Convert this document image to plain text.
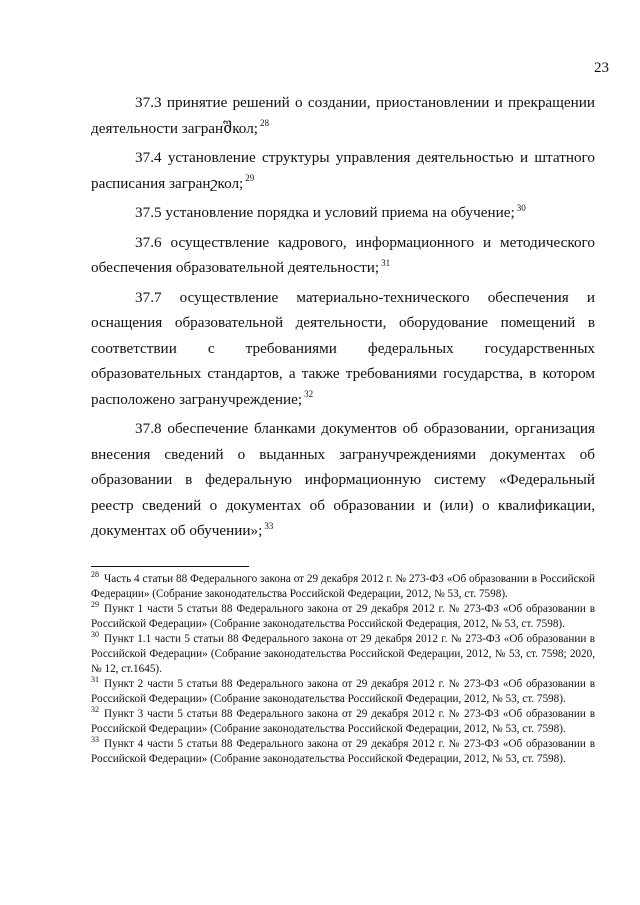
23

37.3 принятие решений о создании, приостановлении и прекращении деятельности загранშкол; $^{28}$

37.4 установление структуры управления деятельностью и штатного расписания загранշкол; $^{29}$

37.5 установление порядка и условий приема на обучение; $^{30}$

37.6 осуществление кадрового, информационного и методического обеспечения образовательной деятельности; $^{31}$

37.7 осуществление материально-технического обеспечения и оснащения образовательной деятельности, оборудование помещений в соответствии с требованиями федеральных государственных образовательных стандартов, а также требованиями государства, в котором расположено загранучреждение; $^{32}$

37.8 обеспечение бланками документов об образовании, организация внесения сведений о выданных загранучреждениями документах об образовании в федеральную информационную систему «Федеральный реестр сведений о документах об образовании и (или) о квалификации, документах об обучении»; $^{33}$

$^{28}$ Часть 4 статьи 88 Федерального закона от 29 декабря 2012 г. № 273-ФЗ «Об образовании в Российской Федерации» (Собрание законодательства Российской Федерации, 2012, № 53, ст. 7598).

$^{29}$ Пункт 1 части 5 статьи 88 Федерального закона от 29 декабря 2012 г. № 273-ФЗ «Об образовании в Российской Федерации» (Собрание законодательства Российской Федерация, 2012, № 53, ст. 7598).

$^{30}$ Пункт 1.1 части 5 статьи 88 Федерального закона от 29 декабря 2012 г. № 273-ФЗ «Об образовании в Российской Федерации» (Собрание законодательства Российской Федерации, 2012, № 53, ст. 7598; 2020, № 12, ст.1645).

$^{31}$ Пункт 2 части 5 статьи 88 Федерального закона от 29 декабря 2012 г. № 273-ФЗ «Об образовании в Российской Федерации» (Собрание законодательства Российской Федерации, 2012, № 53, ст. 7598).

$^{32}$ Пункт 3 части 5 статьи 88 Федерального закона от 29 декабря 2012 г. № 273-ФЗ «Об образовании в Российской Федерации» (Собрание законодательства Российской Федерации, 2012, № 53, ст. 7598).

$^{33}$ Пункт 4 части 5 статьи 88 Федерального закона от 29 декабря 2012 г. № 273-ФЗ «Об образовании в Российской Федерации» (Собрание законодательства Российской Федерации, 2012, № 53, ст. 7598).
